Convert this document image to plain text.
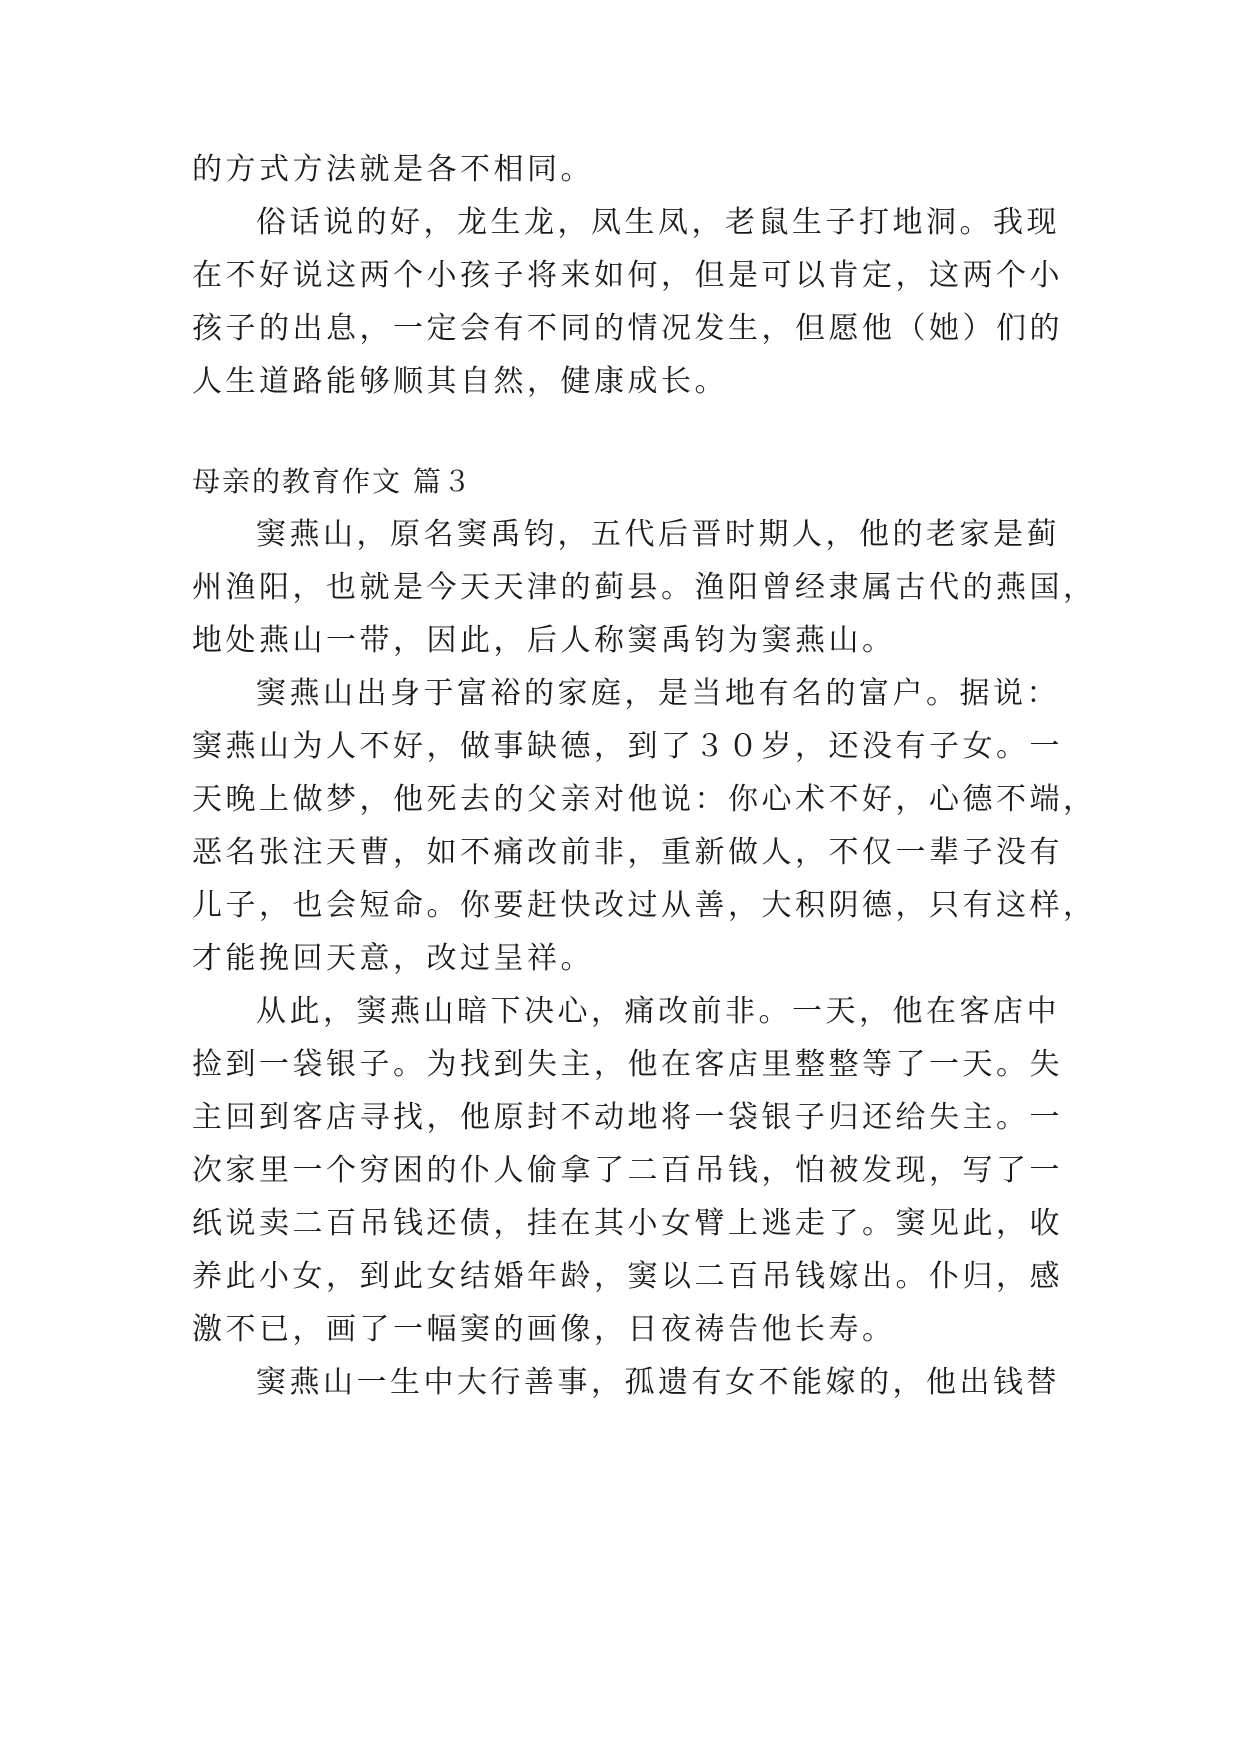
的方式方法就是各不相同。
俗话说的好，龙生龙，凤生凤，老鼠生子打地洞。我现
在不好说这两个小孩子将来如何，但是可以肯定，这两个小
孩子的出息，一定会有不同的情况发生，但愿他（她）们的
人生道路能够顺其自然，健康成长。
母亲的教育作文 篇３
窦燕山，原名窦禹钧，五代后晋时期人，他的老家是蓟
州渔阳，也就是今天天津的蓟县。渔阳曾经隶属古代的燕国，
地处燕山一带，因此，后人称窦禹钧为窦燕山。
窦燕山出身于富裕的家庭，是当地有名的富户。据说：
窦燕山为人不好，做事缺德，到了３０岁，还没有子女。一
天晚上做梦，他死去的父亲对他说：你心术不好，心德不端，
恶名张注天曹，如不痛改前非，重新做人，不仅一辈子没有
儿子，也会短命。你要赶快改过从善，大积阴德，只有这样，
才能挽回天意，改过呈祥。
从此，窦燕山暗下决心，痛改前非。一天，他在客店中
捡到一袋银子。为找到失主，他在客店里整整等了一天。失
主回到客店寻找，他原封不动地将一袋银子归还给失主。一
次家里一个穷困的仆人偷拿了二百吊钱，怕被发现，写了一
纸说卖二百吊钱还债，挂在其小女臂上逃走了。窦见此，收
养此小女，到此女结婚年龄，窦以二百吊钱嫁出。仆归，感
激不已，画了一幅窦的画像，日夜祷告他长寿。
窦燕山一生中大行善事，孤遗有女不能嫁的，他出钱替
